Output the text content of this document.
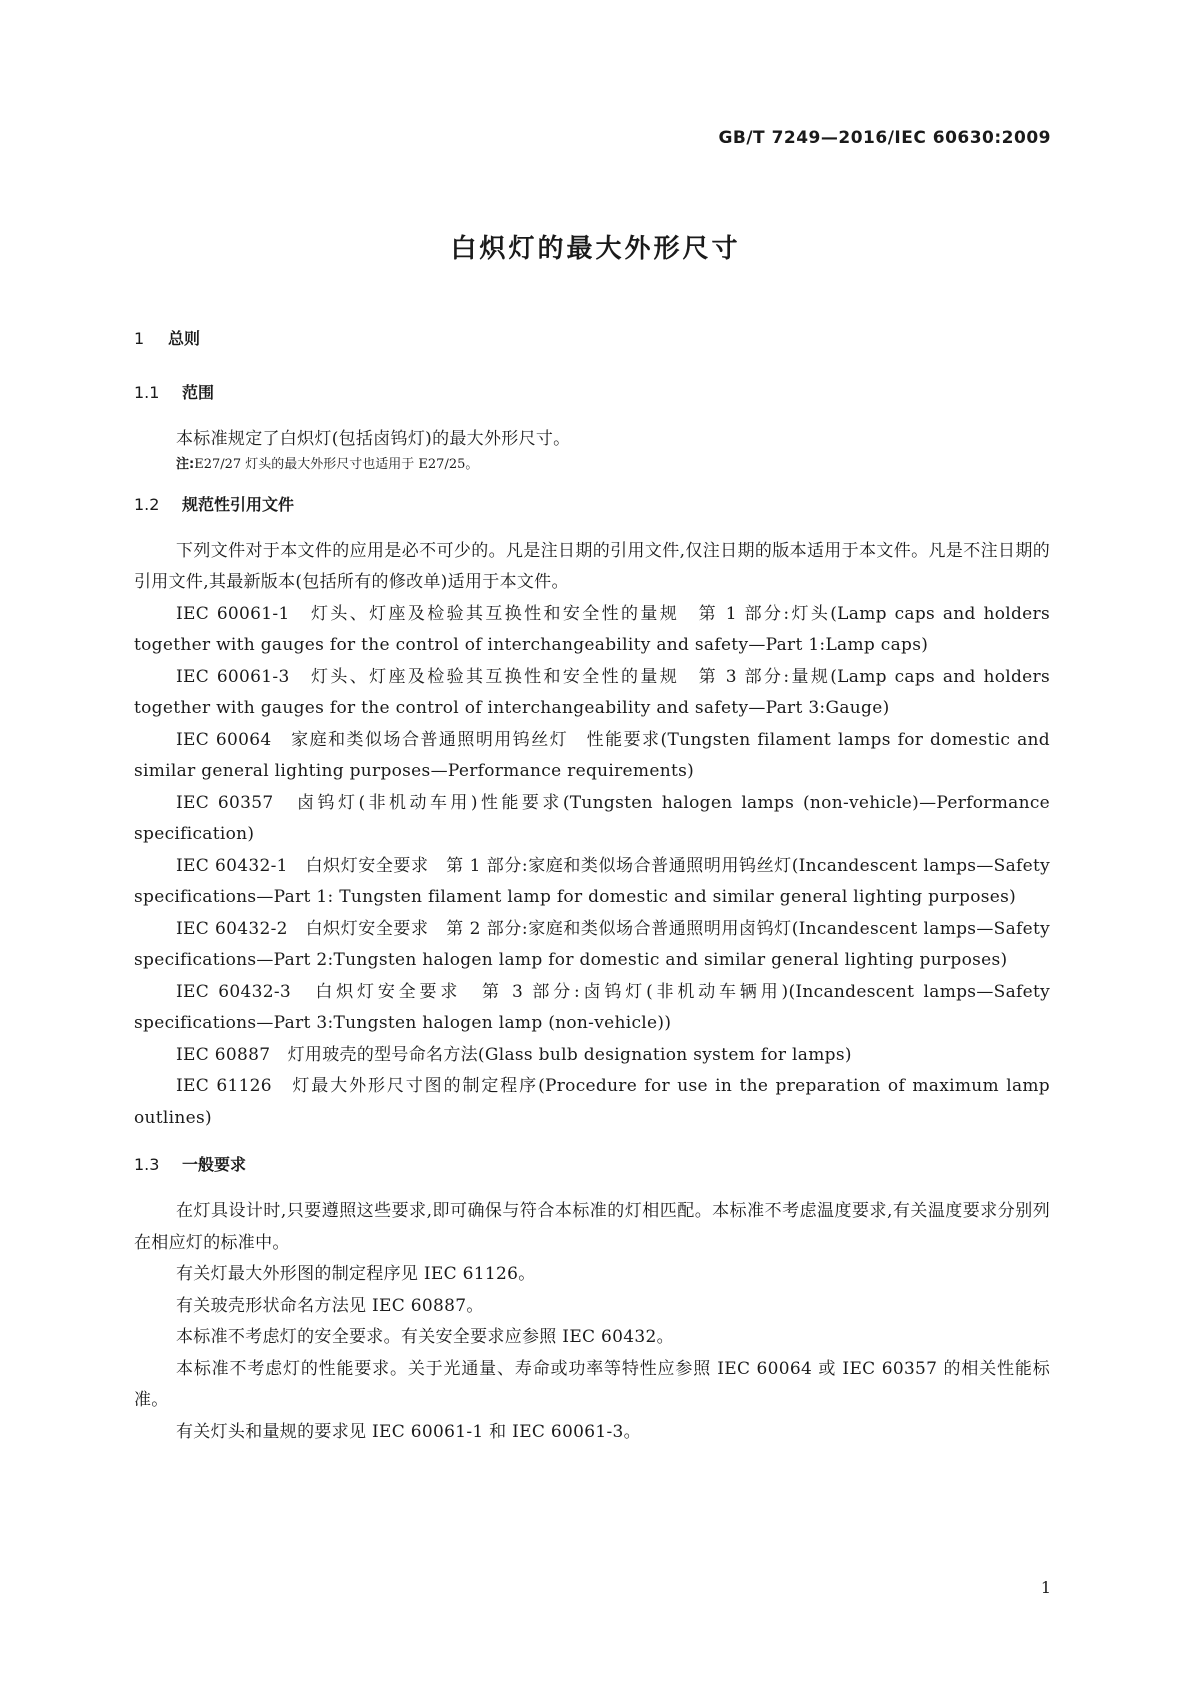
GB/T 7249—2016/IEC 60630:2009
白炽灯的最大外形尺寸
1 总则
1.1 范围

本标准规定了白炽灯(包括卤钨灯)的最大外形尺寸。

注:E27/27 灯头的最大外形尺寸也适用于 E27/25。
1.2 规范性引用文件

下列文件对于本文件的应用是必不可少的。凡是注日期的引用文件,仅注日期的版本适用于本文件。凡是不注日期的引用文件,其最新版本(包括所有的修改单)适用于本文件。

IEC 60061-1　灯头、灯座及检验其互换性和安全性的量规　第 1 部分:灯头(Lamp caps and holders together with gauges for the control of interchangeability and safety—Part 1:Lamp caps)

IEC 60061-3　灯头、灯座及检验其互换性和安全性的量规　第 3 部分:量规(Lamp caps and holders together with gauges for the control of interchangeability and safety—Part 3:Gauge)

IEC 60064　家庭和类似场合普通照明用钨丝灯　性能要求(Tungsten filament lamps for domestic and similar general lighting purposes—Performance requirements)

IEC 60357　卤钨灯(非机动车用)性能要求(Tungsten halogen lamps (non-vehicle)—Performance specification)

IEC 60432-1　白炽灯安全要求　第 1 部分:家庭和类似场合普通照明用钨丝灯(Incandescent lamps—Safety specifications—Part 1: Tungsten filament lamp for domestic and similar general lighting purposes)

IEC 60432-2　白炽灯安全要求　第 2 部分:家庭和类似场合普通照明用卤钨灯(Incandescent lamps—Safety specifications—Part 2:Tungsten halogen lamp for domestic and similar general lighting purposes)

IEC 60432-3　白炽灯安全要求　第 3 部分:卤钨灯(非机动车辆用)(Incandescent lamps—Safety specifications—Part 3:Tungsten halogen lamp (non-vehicle))

IEC 60887　灯用玻壳的型号命名方法(Glass bulb designation system for lamps)

IEC 61126　灯最大外形尺寸图的制定程序(Procedure for use in the preparation of maximum lamp outlines)

1.3 一般要求

在灯具设计时,只要遵照这些要求,即可确保与符合本标准的灯相匹配。本标准不考虑温度要求,有关温度要求分别列在相应灯的标准中。

有关灯最大外形图的制定程序见 IEC 61126。

有关玻壳形状命名方法见 IEC 60887。

本标准不考虑灯的安全要求。有关安全要求应参照 IEC 60432。

本标准不考虑灯的性能要求。关于光通量、寿命或功率等特性应参照 IEC 60064 或 IEC 60357 的相关性能标准。

有关灯头和量规的要求见 IEC 60061-1 和 IEC 60061-3。

1
